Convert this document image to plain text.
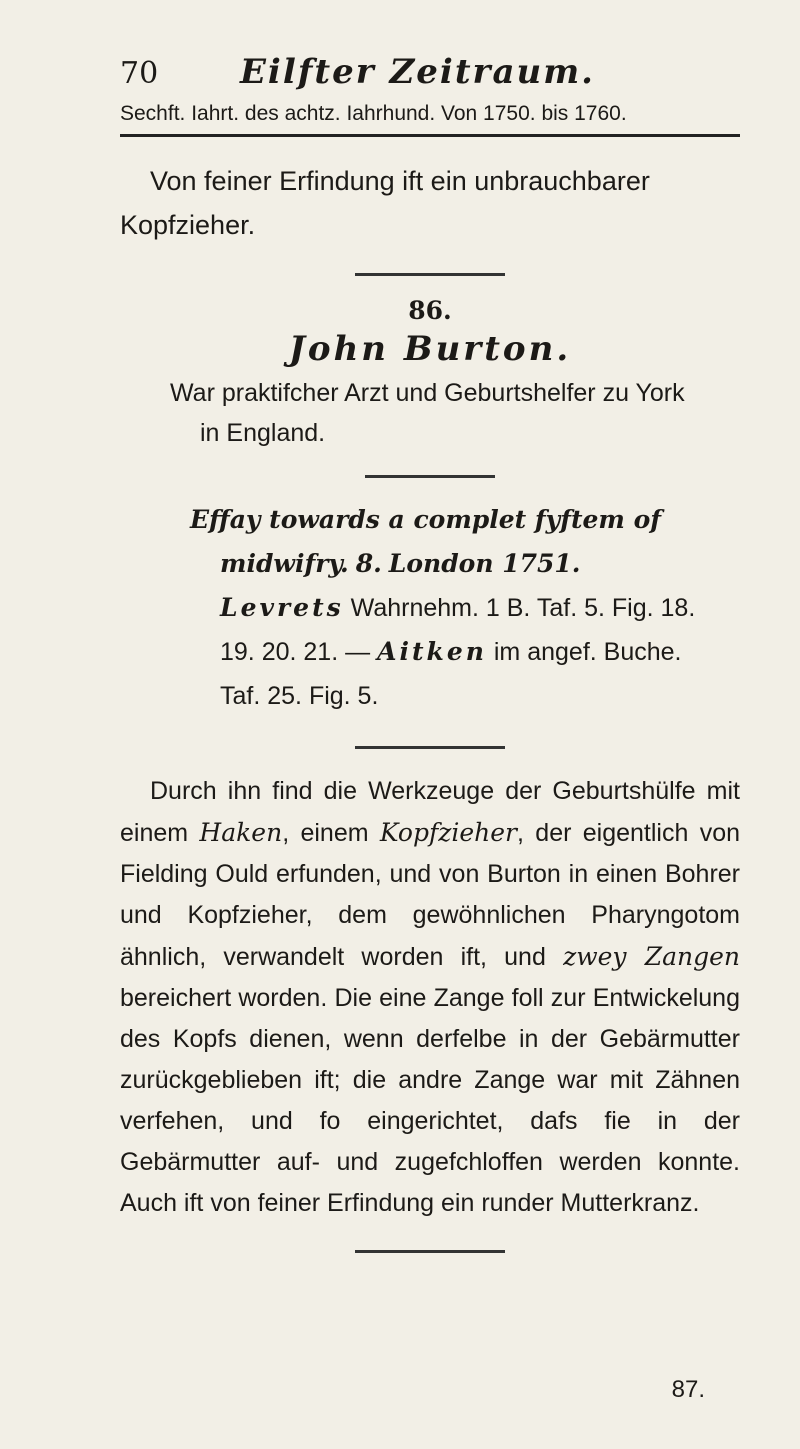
70	Eilfter Zeitraum.
Sechft. Iahrt. des achtz. Iahrhund. Von 1750. bis 1760.
Von feiner Erfindung ift ein unbrauchbarer Kopfzieher.
86.
John Burton.
War praktifcher Arzt und Geburtshelfer zu York in England.
Effay towards a complet fyftem of midwifry. 8. London 1751. Levrets Wahrnehm. 1 B. Taf. 5. Fig. 18. 19. 20. 21. — Aitken im angef. Buche. Taf. 25. Fig. 5.
Durch ihn find die Werkzeuge der Geburtshülfe mit einem Haken, einem Kopfzieher, der eigentlich von Fielding Ould erfunden, und von Burton in einen Bohrer und Kopfzieher, dem gewöhnlichen Pharyngotom ähnlich, verwandelt worden ift, und zwey Zangen bereichert worden. Die eine Zange foll zur Entwickelung des Kopfs dienen, wenn derfelbe in der Gebärmutter zurückgeblieben ift; die andre Zange war mit Zähnen verfehen, und fo eingerichtet, dafs fie in der Gebärmutter auf- und zugefchloffen werden konnte. Auch ift von feiner Erfindung ein runder Mutterkranz.
87.
